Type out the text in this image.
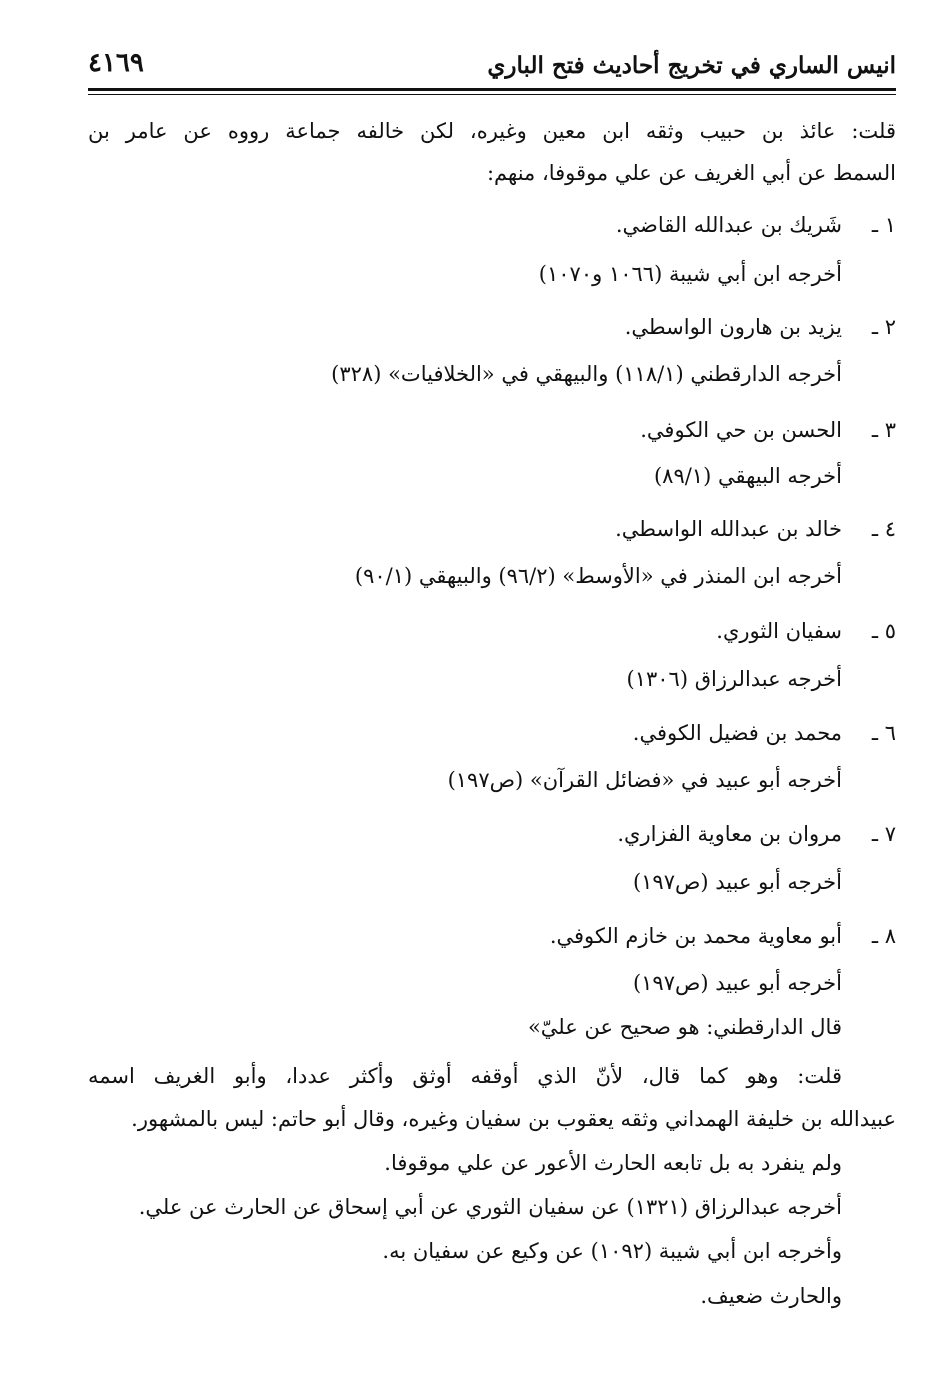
انيس الساري في تخريج أحاديث فتح الباري
٤١٦٩
قلت: عائذ بن حبيب وثقه ابن معين وغيره، لكن خالفه جماعة رووه عن عامر بن
السمط عن أبي الغريف عن علي موقوفا، منهم:
١ ـ
شَريك بن عبدالله القاضي.
أخرجه ابن أبي شيبة (١٠٦٦ و١٠٧٠)
٢ ـ
يزيد بن هارون الواسطي.
أخرجه الدارقطني (١١٨/١) والبيهقي في «الخلافيات» (٣٢٨)
٣ ـ
الحسن بن حي الكوفي.
أخرجه البيهقي (٨٩/١)
٤ ـ
خالد بن عبدالله الواسطي.
أخرجه ابن المنذر في «الأوسط» (٩٦/٢) والبيهقي (٩٠/١)
٥ ـ
سفيان الثوري.
أخرجه عبدالرزاق (١٣٠٦)
٦ ـ
محمد بن فضيل الكوفي.
أخرجه أبو عبيد في «فضائل القرآن» (ص١٩٧)
٧ ـ
مروان بن معاوية الفزاري.
أخرجه أبو عبيد (ص١٩٧)
٨ ـ
أبو معاوية محمد بن خازم الكوفي.
أخرجه أبو عبيد (ص١٩٧)
قال الدارقطني: هو صحيح عن عليّ»
قلت: وهو كما قال، لأنّ الذي أوقفه أوثق وأكثر عددا، وأبو الغريف اسمه
عبيدالله بن خليفة الهمداني وثقه يعقوب بن سفيان وغيره، وقال أبو حاتم: ليس بالمشهور.
ولم ينفرد به بل تابعه الحارث الأعور عن علي موقوفا.
أخرجه عبدالرزاق (١٣٢١) عن سفيان الثوري عن أبي إسحاق عن الحارث عن علي.
وأخرجه ابن أبي شيبة (١٠٩٢) عن وكيع عن سفيان به.
والحارث ضعيف.
